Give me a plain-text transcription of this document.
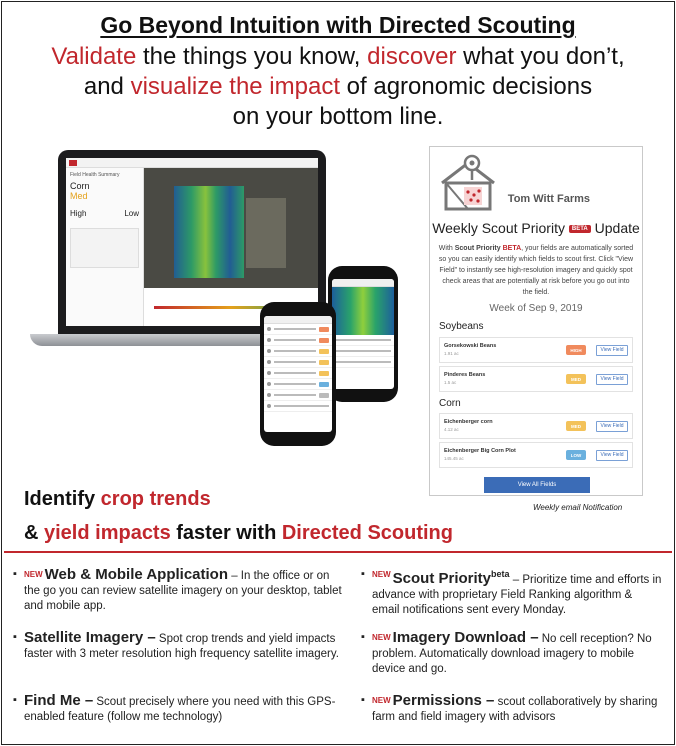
Go Beyond Intuition with Directed Scouting
Validate the things you know, discover what you don’t,
and visualize the impact of agronomic decisions
on your bottom line.
Field Health Summary
Corn
Med
High	Low
Tom Witt Farms
Weekly Scout Priority BETA Update
With Scout Priority BETA, your fields are automatically sorted so you can easily identify which fields to scout first. Click "View Field" to instantly see high-resolution imagery and quickly spot check areas that are potentially at risk before you go out into the field.
Week of Sep 9, 2019
Soybeans
Gorsekowski Beans
1.91 ac
HIGH	View Field
Pinderes Beans
1.5 ac
MED	View Field
Corn
Eichenberger corn
4.12 ac
MED	View Field
Eichenberger Big Corn Plot
145.45 ac
LOW	View Field
View All Fields
Weekly email Notification
Identify crop trends
& yield impacts faster with Directed Scouting
▪ $^{NEW}$ Web & Mobile Application – In the office or on the go you can review satellite imagery on your desktop, tablet and mobile app.
▪ Satellite Imagery – Spot crop trends and yield impacts faster with 3 meter resolution high frequency satellite imagery.
▪ Find Me – Scout precisely where you need with this GPS-enabled feature (follow me technology)
▪ $^{NEW}$ Scout Priority$^{beta}$ – Prioritize time and efforts in advance with proprietary Field Ranking algorithm & email notifications sent every Monday.
▪ $^{NEW}$ Imagery Download – No cell reception? No problem. Automatically download imagery to mobile device and go.
▪ $^{NEW}$ Permissions – scout collaboratively by sharing farm and field imagery with advisors
